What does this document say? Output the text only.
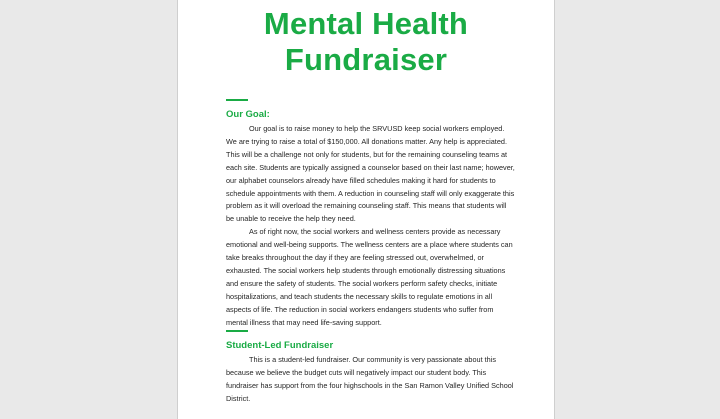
Mental Health
Fundraiser
Our Goal:

Our goal is to raise money to help the SRVUSD keep social workers employed. We are trying to raise a total of $150,000. All donations matter. Any help is appreciated. This will be a challenge not only for students, but for the remaining counseling teams at each site. Students are typically assigned a counselor based on their last name; however, our alphabet counselors already have filled schedules making it hard for students to schedule appointments with them. A reduction in counseling staff will only exaggerate this problem as it will overload the remaining counseling staff. This means that students will be unable to receive the help they need.

As of right now, the social workers and wellness centers provide as necessary emotional and well-being supports. The wellness centers are a place where students can take breaks throughout the day if they are feeling stressed out, overwhelmed, or exhausted. The social workers help students through emotionally distressing situations and ensure the safety of students. The social workers perform safety checks, initiate hospitalizations, and teach students the necessary skills to regulate emotions in all aspects of life. The reduction in social workers endangers students who suffer from mental illness that may need life-saving support.

Student-Led Fundraiser

This is a student-led fundraiser. Our community is very passionate about this because we believe the budget cuts will negatively impact our student body. This fundraiser has support from the four highschools in the San Ramon Valley Unified School District.
